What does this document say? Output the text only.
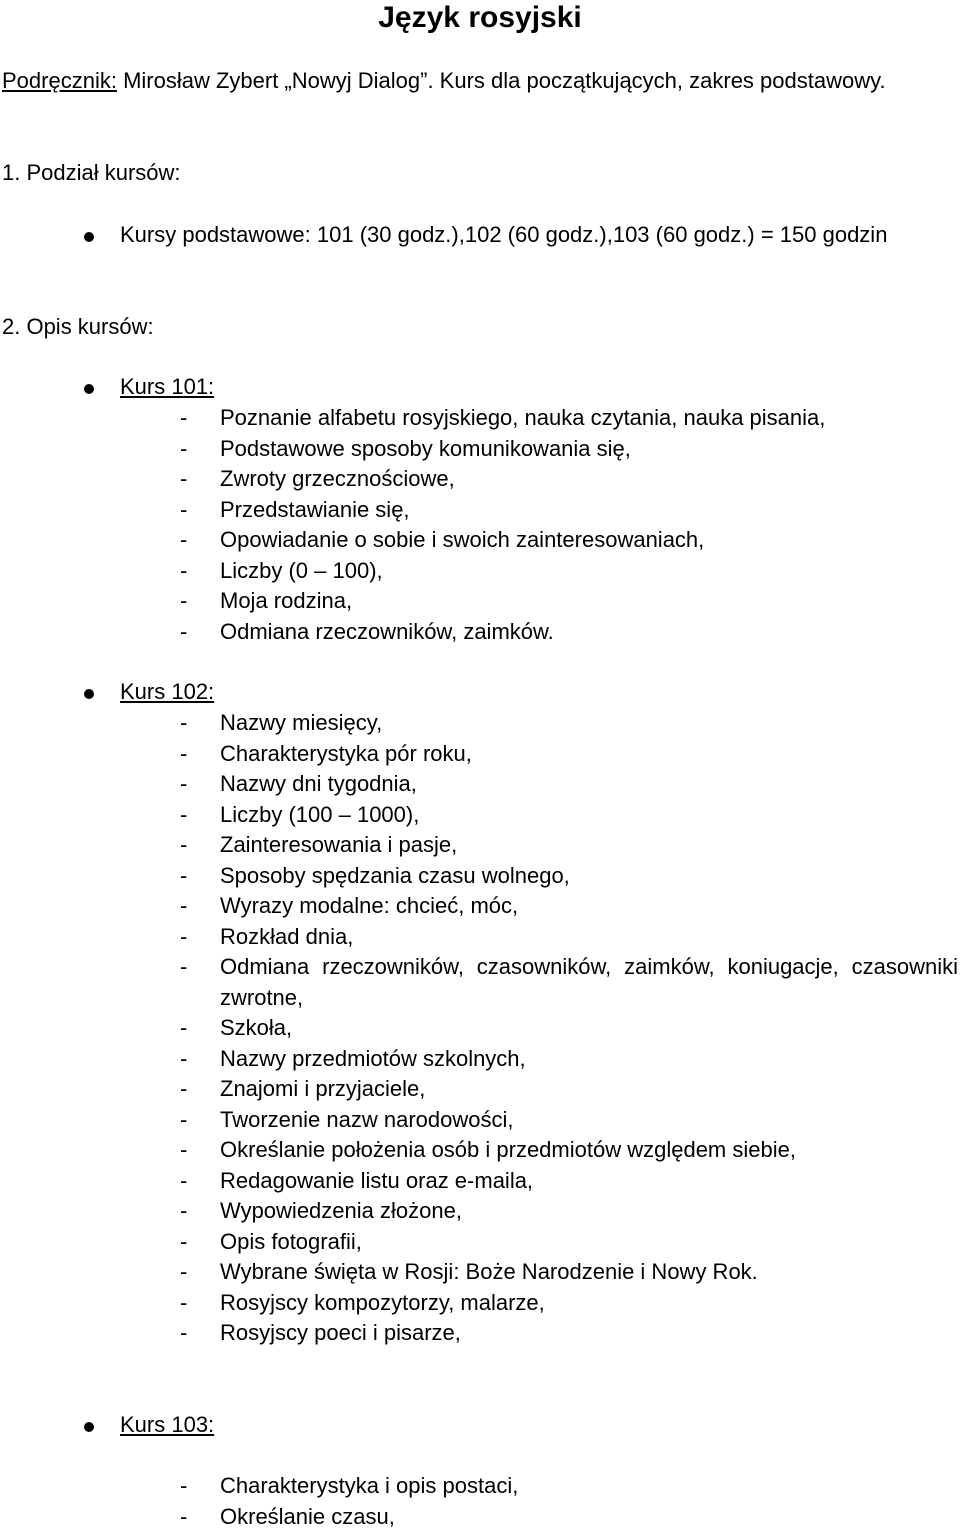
Język rosyjski
Podręcznik: Mirosław Zybert „Nowyj Dialog”. Kurs dla początkujących, zakres podstawowy.
1. Podział kursów:
Kursy podstawowe: 101 (30 godz.),102 (60 godz.),103 (60 godz.) = 150 godzin
2. Opis kursów:
Kurs 101:
- Poznanie alfabetu rosyjskiego, nauka czytania, nauka pisania,
- Podstawowe sposoby komunikowania się,
- Zwroty grzecznościowe,
- Przedstawianie się,
- Opowiadanie o sobie i swoich zainteresowaniach,
- Liczby (0 – 100),
- Moja rodzina,
- Odmiana rzeczowników, zaimków.
Kurs 102:
- Nazwy miesięcy,
- Charakterystyka pór roku,
- Nazwy dni tygodnia,
- Liczby (100 – 1000),
- Zainteresowania i pasje,
- Sposoby spędzania czasu wolnego,
- Wyrazy modalne: chcieć, móc,
- Rozkład dnia,
- Odmiana rzeczowników, czasowników, zaimków, koniugacje, czasowniki zwrotne,
- Szkoła,
- Nazwy przedmiotów szkolnych,
- Znajomi i przyjaciele,
- Tworzenie nazw narodowości,
- Określanie położenia osób i przedmiotów względem siebie,
- Redagowanie listu oraz e-maila,
- Wypowiedzenia złożone,
- Opis fotografii,
- Wybrane święta w Rosji: Boże Narodzenie i Nowy Rok.
- Rosyjscy kompozytorzy, malarze,
- Rosyjscy poeci i pisarze,
Kurs 103:
- Charakterystyka i opis postaci,
- Określanie czasu,
